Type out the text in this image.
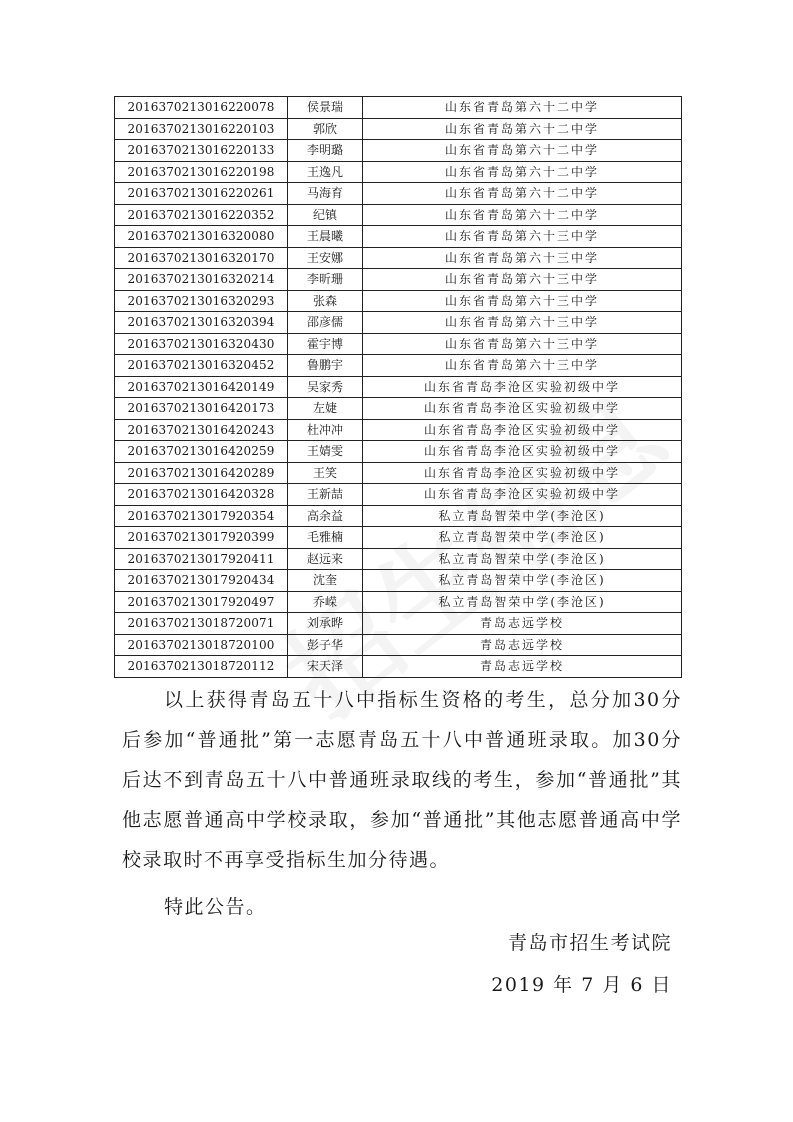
2016370213016220078	侯景瑞	山东省青岛第六十二中学
2016370213016220103	郭欣	山东省青岛第六十二中学
2016370213016220133	李明璐	山东省青岛第六十二中学
2016370213016220198	王逸凡	山东省青岛第六十二中学
2016370213016220261	马海育	山东省青岛第六十二中学
2016370213016220352	纪镇	山东省青岛第六十二中学
2016370213016320080	王晨曦	山东省青岛第六十三中学
2016370213016320170	王安娜	山东省青岛第六十三中学
2016370213016320214	李昕珊	山东省青岛第六十三中学
2016370213016320293	张森	山东省青岛第六十三中学
2016370213016320394	邵彦儒	山东省青岛第六十三中学
2016370213016320430	霍宇博	山东省青岛第六十三中学
2016370213016320452	鲁鹏宇	山东省青岛第六十三中学
2016370213016420149	吴家秀	山东省青岛李沧区实验初级中学
2016370213016420173	左婕	山东省青岛李沧区实验初级中学
2016370213016420243	杜冲冲	山东省青岛李沧区实验初级中学
2016370213016420259	王婧雯	山东省青岛李沧区实验初级中学
2016370213016420289	王笑	山东省青岛李沧区实验初级中学
2016370213016420328	王新喆	山东省青岛李沧区实验初级中学
2016370213017920354	高余益	私立青岛智荣中学(李沧区)
2016370213017920399	毛雅楠	私立青岛智荣中学(李沧区)
2016370213017920411	赵远来	私立青岛智荣中学(李沧区)
2016370213017920434	沈奎	私立青岛智荣中学(李沧区)
2016370213017920497	乔嵘	私立青岛智荣中学(李沧区)
2016370213018720071	刘承晔	青岛志远学校
2016370213018720100	彭子华	青岛志远学校
2016370213018720112	宋天泽	青岛志远学校

以上获得青岛五十八中指标生资格的考生，总分加30分后参加“普通批”第一志愿青岛五十八中普通班录取。加30分后达不到青岛五十八中普通班录取线的考生，参加“普通批”其他志愿普通高中学校录取，参加“普通批”其他志愿普通高中学校录取时不再享受指标生加分待遇。

特此公告。

青岛市招生考试院

2019 年 7 月 6 日
